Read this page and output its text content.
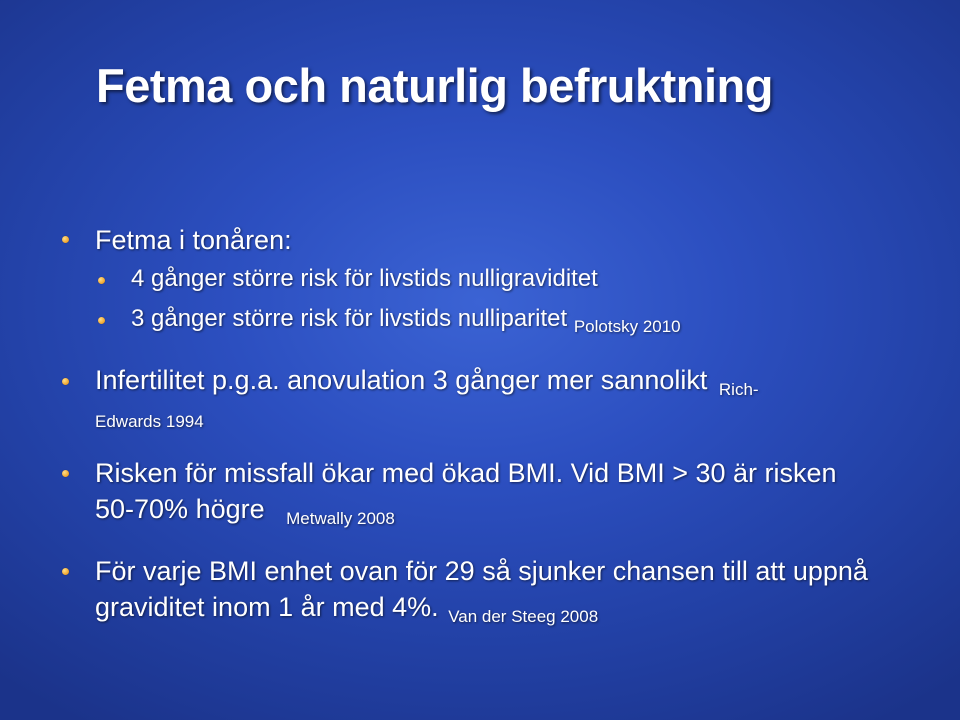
Fetma och naturlig befruktning
Fetma i tonåren:
4 gånger större risk för livstids nulligraviditet
3 gånger större risk för livstids nulliparitet $_{Polotsky 2010}$
Infertilitet p.g.a. anovulation 3 gånger mer sannolikt $_{Rich-}$
Edwards 1994
Risken för missfall ökar med ökad BMI. Vid BMI > 30 är risken 50-70% högre $_{Metwally 2008}$
För varje BMI enhet ovan för 29 så sjunker chansen till att uppnå graviditet inom 1 år med 4%. $_{Van der Steeg 2008}$
